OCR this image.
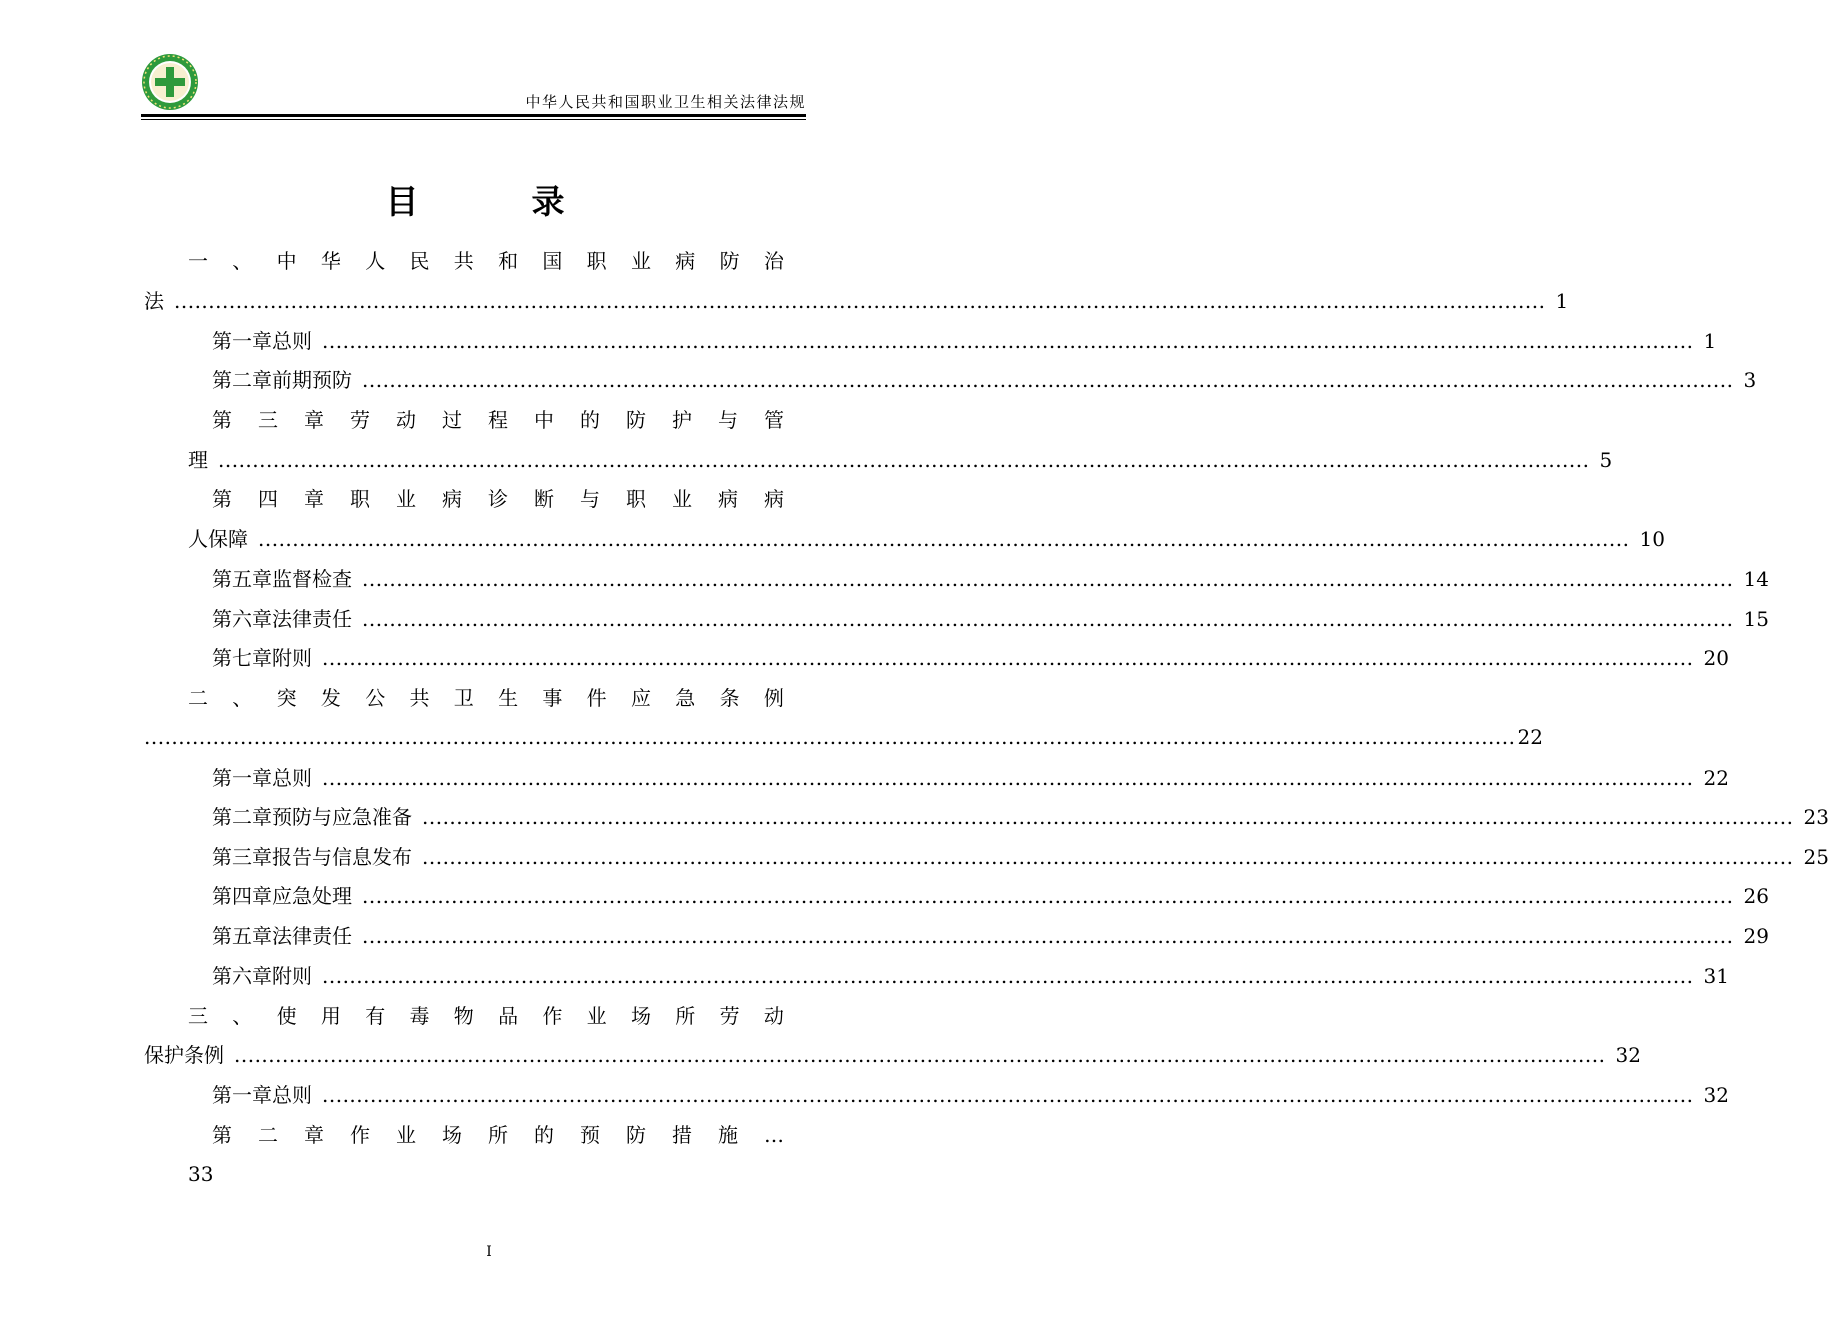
中华人民共和国职业卫生相关法律法规
目　录
一 、 中 华 人 民 共 和 国 职 业 病 防 治
法 ........................................................................................................................................................................................................ 1
第 一 章 总 则 ........................................................................................................................................................................................................ 1
第 二 章 前 期 预 防 ........................................................................................................................................................................................................ 3
第 三 章 劳 动 过 程 中 的 防 护 与 管
理 ........................................................................................................................................................................................................ 5
第 四 章 职 业 病 诊 断 与 职 业 病 病
人 保 障 ........................................................................................................................................................................................................ 10
第 五 章 监 督 检 查 ........................................................................................................................................................................................................ 14
第 六 章 法 律 责 任 ........................................................................................................................................................................................................ 15
第 七 章 附 则 ........................................................................................................................................................................................................ 20
二 、 突 发 公 共 卫 生 事 件 应 急 条 例
........................................................................................................................................................................................................ 22
第 一 章 总 则 ........................................................................................................................................................................................................ 22
第 二 章 预 防 与 应 急 准 备 ........................................................................................................................................................................................................ 23
第 三 章 报 告 与 信 息 发 布 ........................................................................................................................................................................................................ 25
第 四 章 应 急 处 理 ........................................................................................................................................................................................................ 26
第 五 章 法 律 责 任 ........................................................................................................................................................................................................ 29
第 六 章 附 则 ........................................................................................................................................................................................................ 31
三 、 使 用 有 毒 物 品 作 业 场 所 劳 动
保 护 条 例 ........................................................................................................................................................................................................ 32
第 一 章 总 则 ........................................................................................................................................................................................................ 32
第 二 章 作 业 场 所 的 预 防 措 施 …
33
I
